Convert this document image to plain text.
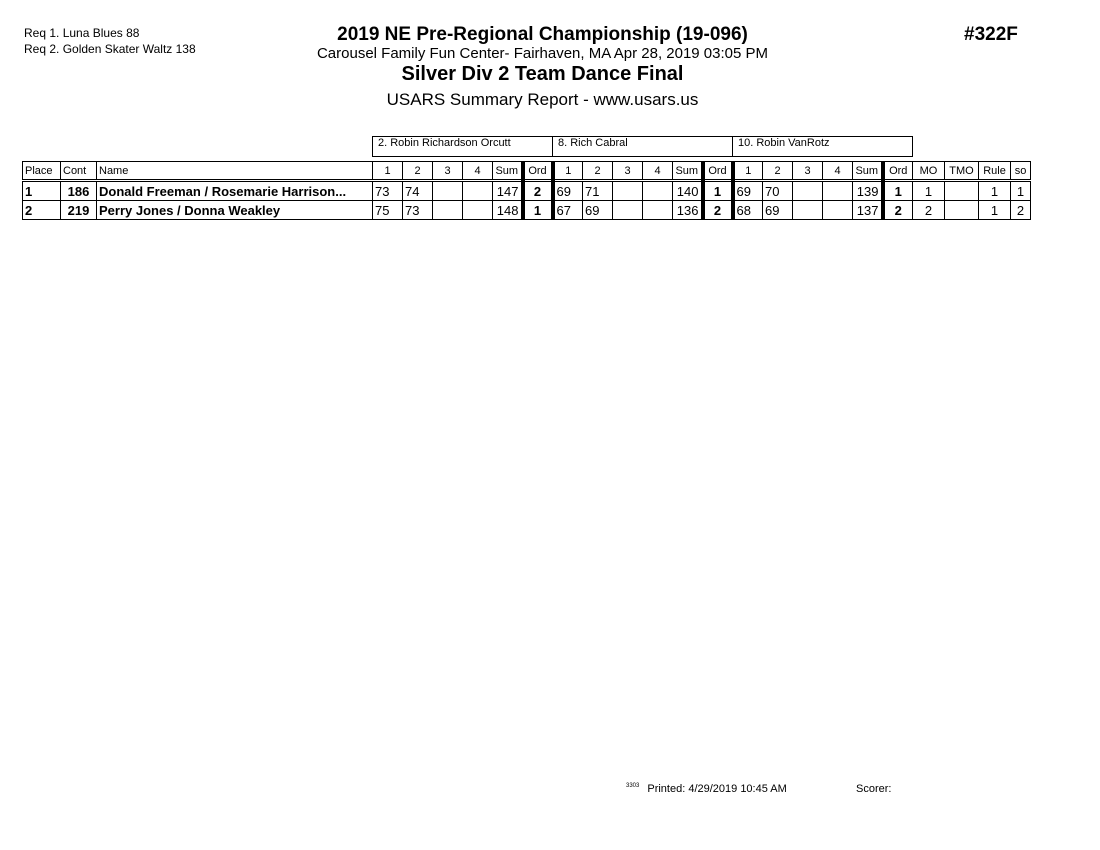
Req 1. Luna Blues 88
Req 2. Golden Skater Waltz 138
2019 NE Pre-Regional Championship (19-096)
Carousel Family Fun Center- Fairhaven, MA Apr 28, 2019 03:05 PM
Silver Div 2 Team Dance Final
USARS Summary Report - www.usars.us
#322F
			2. Robin Richardson Orcutt						8. Rich Cabral						10. Robin VanRotz									

Place	Cont	Name	1	2	3	4	Sum	Ord	1	2	3	4	Sum	Ord	1	2	3	4	Sum	Ord	MO	TMO	Rule	so
1	186	Donald Freeman / Rosemarie Harrison...	73	74			147	2	69	71			140	1	69	70			139	1	1		1	1
2	219	Perry Jones / Donna Weakley	75	73			148	1	67	69			136	2	68	69			137	2	2		1	2
$^{3303}$ Printed: 4/29/2019 10:45 AM	Scorer:
